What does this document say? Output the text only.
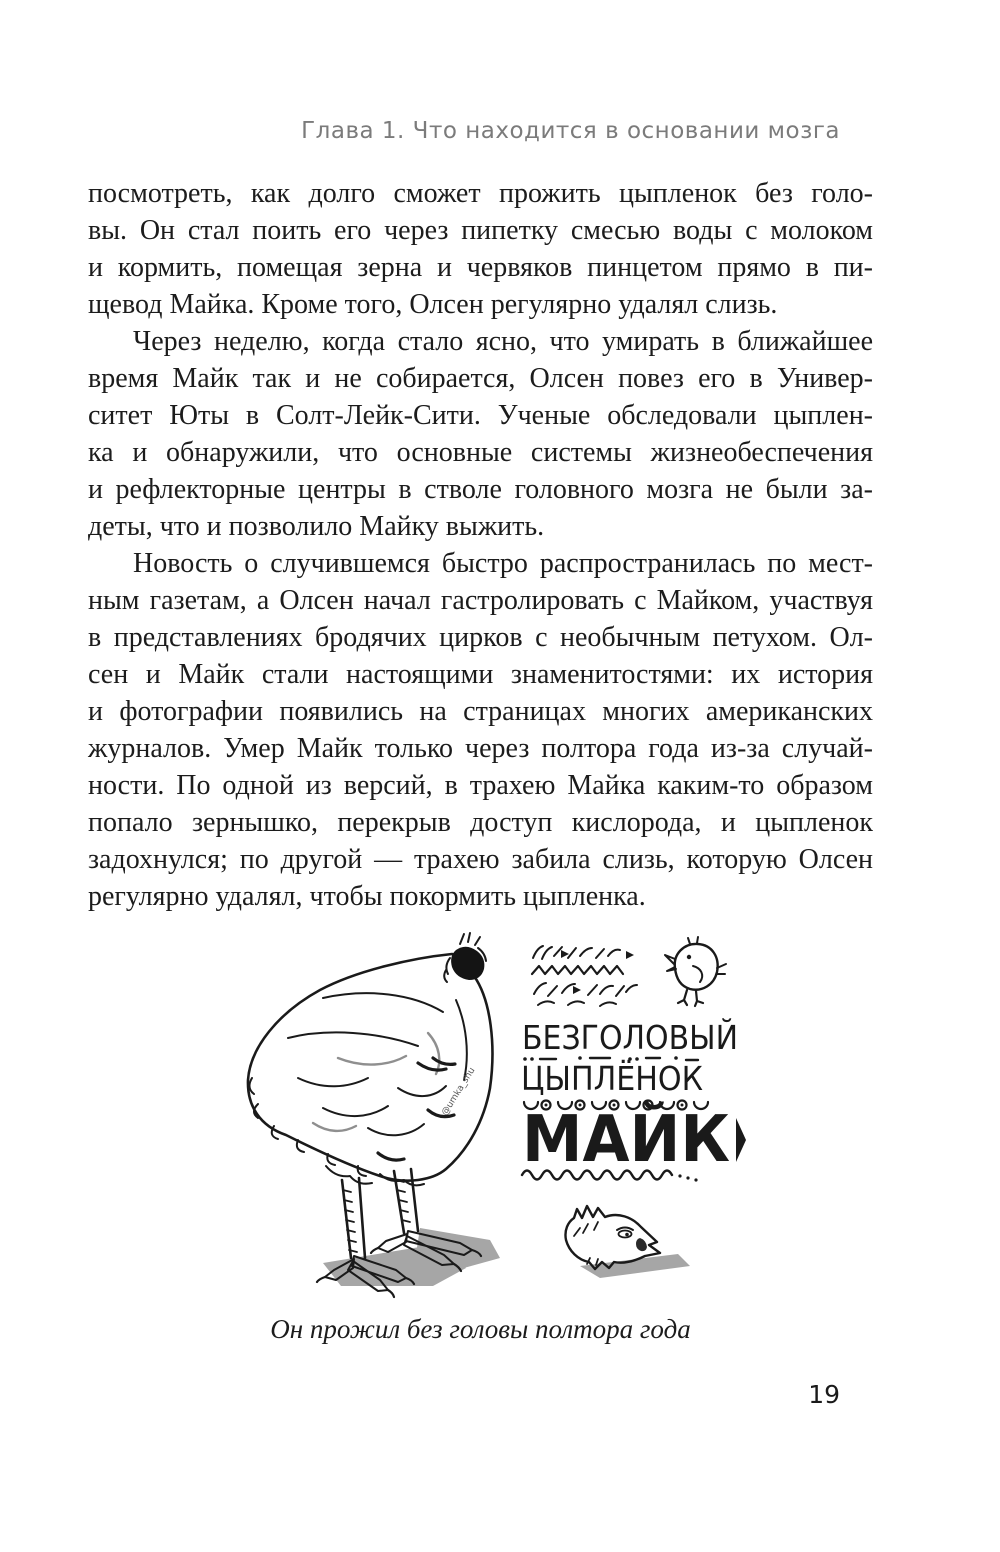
Глава 1. Что находится в основании мозга
посмотреть, как долго сможет прожить цыпленок без голо-
вы. Он стал поить его через пипетку смесью воды с молоком
и кормить, помещая зерна и червяков пинцетом прямо в пи-
щевод Майка. Кроме того, Олсен регулярно удалял слизь.
Через неделю, когда стало ясно, что умирать в ближайшее
время Майк так и не собирается, Олсен повез его в Универ-
ситет Юты в Солт-Лейк-Сити. Ученые обследовали цыплен-
ка и обнаружили, что основные системы жизнеобеспечения
и рефлекторные центры в стволе головного мозга не были за-
деты, что и позволило Майку выжить.
Новость о случившемся быстро распространилась по мест-
ным газетам, а Олсен начал гастролировать с Майком, участвуя
в представлениях бродячих цирков с необычным петухом. Ол-
сен и Майк стали настоящими знаменитостями: их история
и фотографии появились на страницах многих американских
журналов. Умер Майк только через полтора года из-за случай-
ности. По одной из версий, в трахею Майка каким-то образом
попало зернышко, перекрыв доступ кислорода, и цыпленок
задохнулся; по другой — трахею забила слизь, которую Олсен
регулярно удалял, чтобы покормить цыпленка.
@umka_shu
БЕЗГОЛОВЫЙ
ЦЫПЛЁНОК
МАЙК
Он прожил без головы полтора года
19
